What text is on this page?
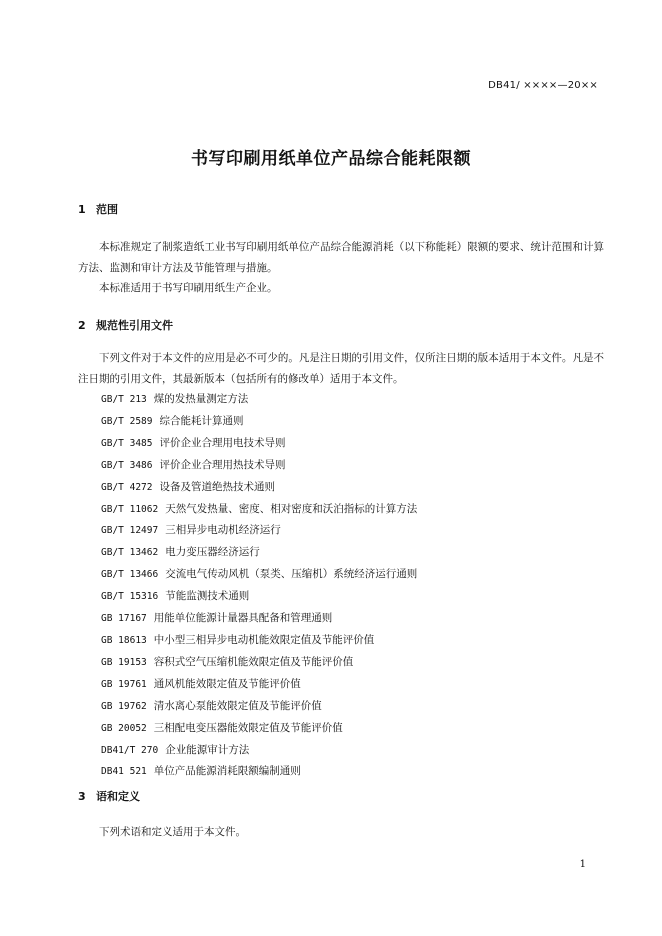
DB41/ ××××—20××
书写印刷用纸单位产品综合能耗限额
1 范围

本标准规定了制浆造纸工业书写印刷用纸单位产品综合能源消耗（以下称能耗）限额的要求、统计范围和计算方法、监测和审计方法及节能管理与措施。

本标准适用于书写印刷用纸生产企业。

2 规范性引用文件

下列文件对于本文件的应用是必不可少的。凡是注日期的引用文件，仅所注日期的版本适用于本文件。凡是不注日期的引用文件，其最新版本（包括所有的修改单）适用于本文件。

GB/T 213 煤的发热量测定方法
GB/T 2589 综合能耗计算通则
GB/T 3485 评价企业合理用电技术导则
GB/T 3486 评价企业合理用热技术导则
GB/T 4272 设备及管道绝热技术通则
GB/T 11062 天然气发热量、密度、相对密度和沃泊指标的计算方法
GB/T 12497 三相异步电动机经济运行
GB/T 13462 电力变压器经济运行
GB/T 13466 交流电气传动风机（泵类、压缩机）系统经济运行通则
GB/T 15316 节能监测技术通则
GB 17167 用能单位能源计量器具配备和管理通则
GB 18613 中小型三相异步电动机能效限定值及节能评价值
GB 19153 容积式空气压缩机能效限定值及节能评价值
GB 19761 通风机能效限定值及节能评价值
GB 19762 清水离心泵能效限定值及节能评价值
GB 20052 三相配电变压器能效限定值及节能评价值
DB41/T 270 企业能源审计方法
DB41 521 单位产品能源消耗限额编制通则
3 语和定义

下列术语和定义适用于本文件。

1
